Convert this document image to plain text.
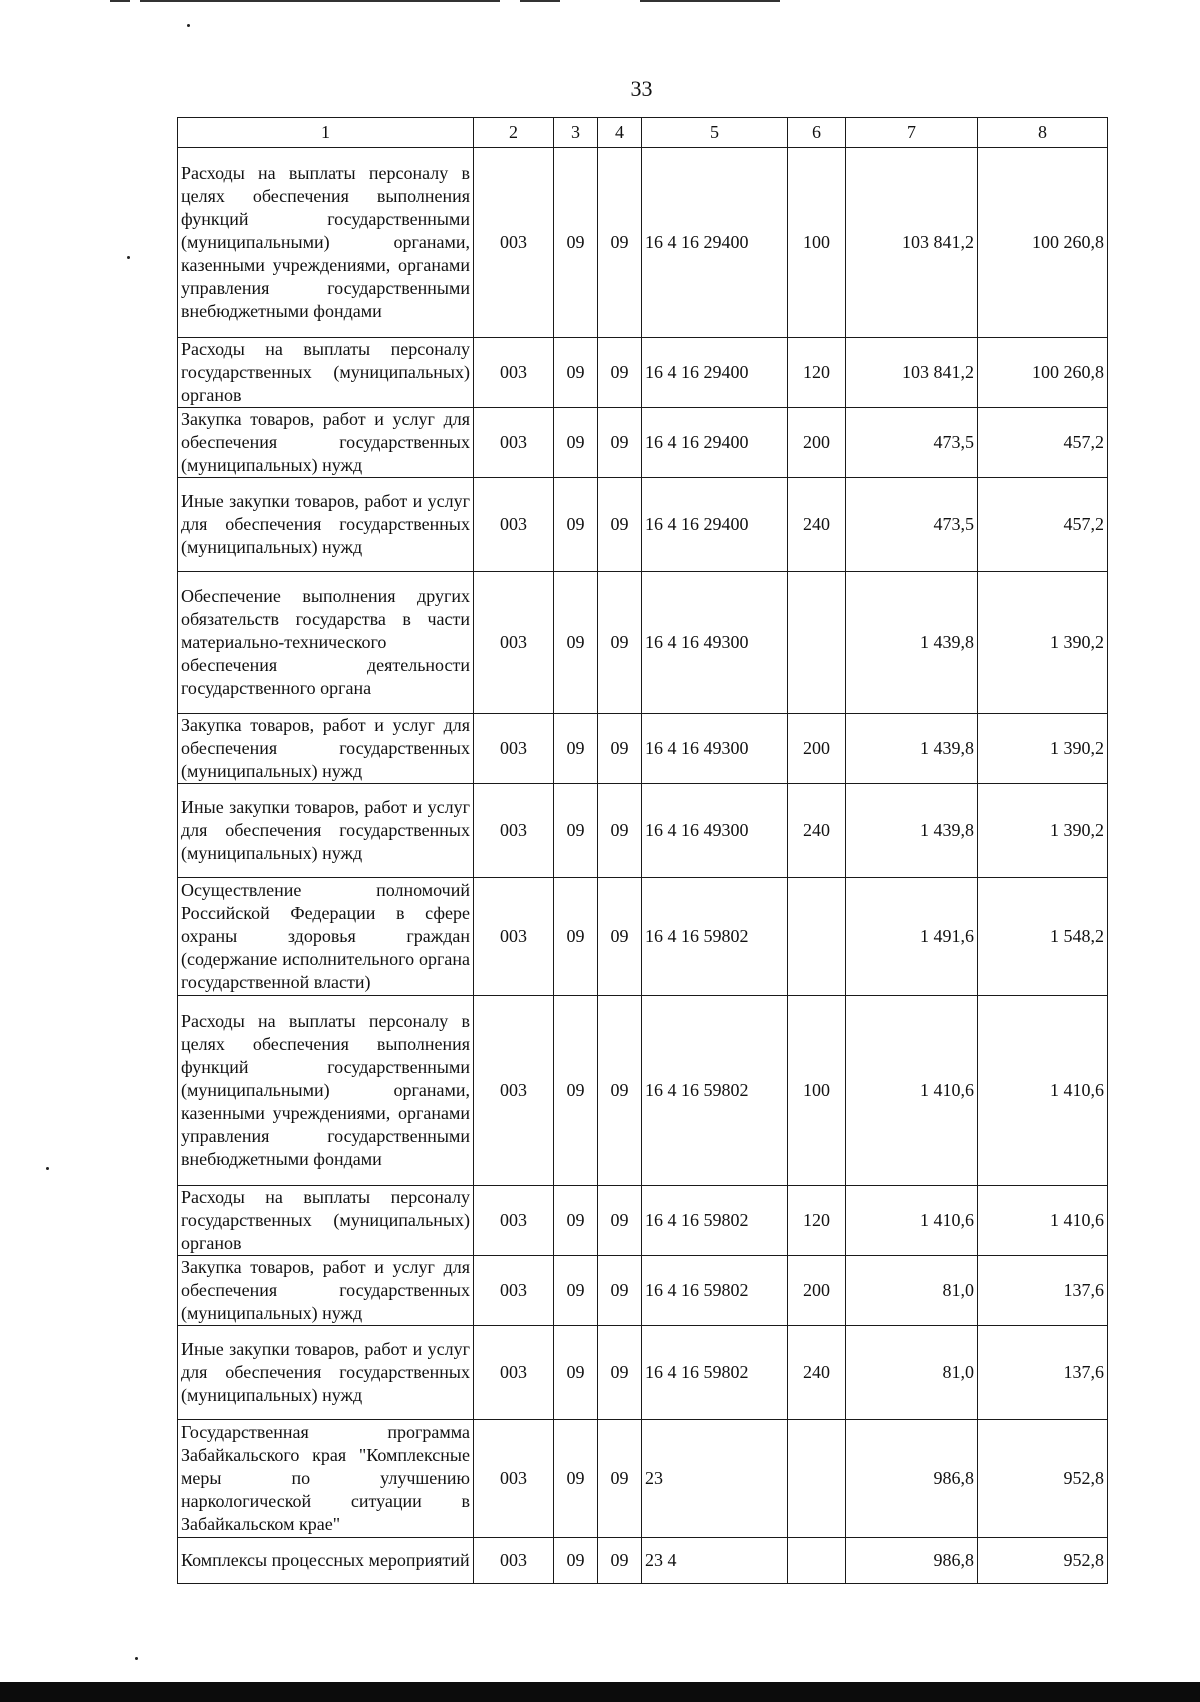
33
1	2	3	4	5	6	7	8
Расходы на выплаты персоналу в целях обеспечения выполнения функций государственными (муниципальными) органами, казенными учреждениями, органами управления государственными внебюджетными фондами	003	09	09	16 4 16 29400	100	103 841,2	100 260,8
Расходы на выплаты персоналу государственных (муниципальных) органов	003	09	09	16 4 16 29400	120	103 841,2	100 260,8
Закупка товаров, работ и услуг для обеспечения государственных (муниципальных) нужд	003	09	09	16 4 16 29400	200	473,5	457,2
Иные закупки товаров, работ и услуг для обеспечения государственных (муниципальных) нужд	003	09	09	16 4 16 29400	240	473,5	457,2
Обеспечение выполнения других обязательств государства в части материально-технического обеспечения деятельности государственного органа	003	09	09	16 4 16 49300		1 439,8	1 390,2
Закупка товаров, работ и услуг для обеспечения государственных (муниципальных) нужд	003	09	09	16 4 16 49300	200	1 439,8	1 390,2
Иные закупки товаров, работ и услуг для обеспечения государственных (муниципальных) нужд	003	09	09	16 4 16 49300	240	1 439,8	1 390,2
Осуществление полномочий Российской Федерации в сфере охраны здоровья граждан (содержание исполнительного органа государственной власти)	003	09	09	16 4 16 59802		1 491,6	1 548,2
Расходы на выплаты персоналу в целях обеспечения выполнения функций государственными (муниципальными) органами, казенными учреждениями, органами управления государственными внебюджетными фондами	003	09	09	16 4 16 59802	100	1 410,6	1 410,6
Расходы на выплаты персоналу государственных (муниципальных) органов	003	09	09	16 4 16 59802	120	1 410,6	1 410,6
Закупка товаров, работ и услуг для обеспечения государственных (муниципальных) нужд	003	09	09	16 4 16 59802	200	81,0	137,6
Иные закупки товаров, работ и услуг для обеспечения государственных (муниципальных) нужд	003	09	09	16 4 16 59802	240	81,0	137,6
Государственная программа Забайкальского края "Комплексные меры по улучшению наркологической ситуации в Забайкальском крае"	003	09	09	23		986,8	952,8
Комплексы процессных мероприятий	003	09	09	23 4		986,8	952,8
